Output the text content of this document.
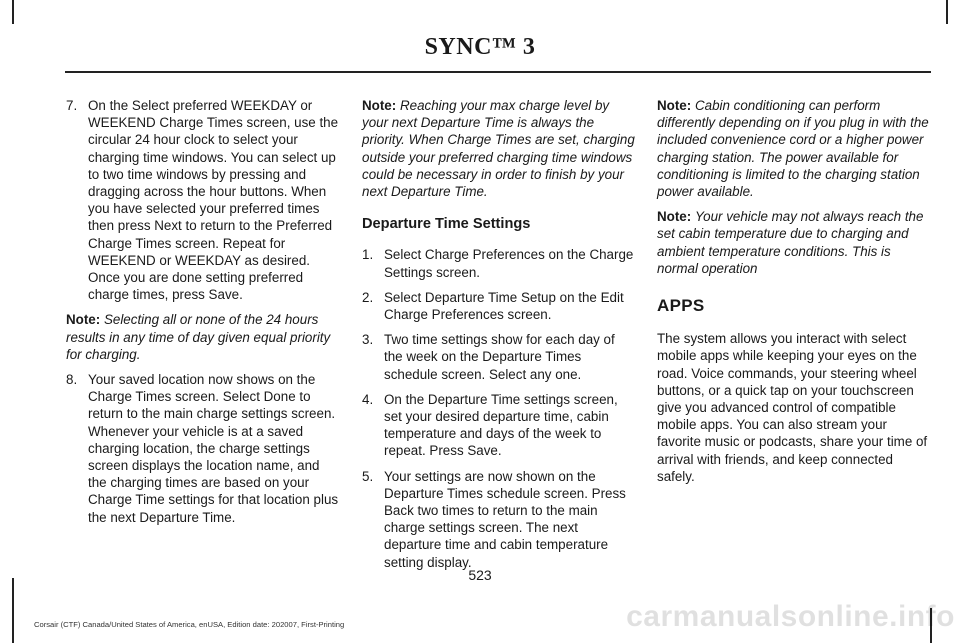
SYNC™ 3
7. On the Select preferred WEEKDAY or WEEKEND Charge Times screen, use the circular 24 hour clock to select your charging time windows. You can select up to two time windows by pressing and dragging across the hour buttons. When you have selected your preferred times then press Next to return to the Preferred Charge Times screen. Repeat for WEEKEND or WEEKDAY as desired. Once you are done setting preferred charge times, press Save.
Note: Selecting all or none of the 24 hours results in any time of day given equal priority for charging.
8. Your saved location now shows on the Charge Times screen. Select Done to return to the main charge settings screen. Whenever your vehicle is at a saved charging location, the charge settings screen displays the location name, and the charging times are based on your Charge Time settings for that location plus the next Departure Time.
Note: Reaching your max charge level by your next Departure Time is always the priority. When Charge Times are set, charging outside your preferred charging time windows could be necessary in order to finish by your next Departure Time.
Departure Time Settings
1. Select Charge Preferences on the Charge Settings screen.
2. Select Departure Time Setup on the Edit Charge Preferences screen.
3. Two time settings show for each day of the week on the Departure Times schedule screen. Select any one.
4. On the Departure Time settings screen, set your desired departure time, cabin temperature and days of the week to repeat. Press Save.
5. Your settings are now shown on the Departure Times schedule screen. Press Back two times to return to the main charge settings screen. The next departure time and cabin temperature setting display.
Note: Cabin conditioning can perform differently depending on if you plug in with the included convenience cord or a higher power charging station. The power available for conditioning is limited to the charging station power available.
Note: Your vehicle may not always reach the set cabin temperature due to charging and ambient temperature conditions. This is normal operation
APPS
The system allows you interact with select mobile apps while keeping your eyes on the road. Voice commands, your steering wheel buttons, or a quick tap on your touchscreen give you advanced control of compatible mobile apps. You can also stream your favorite music or podcasts, share your time of arrival with friends, and keep connected safely.
523
Corsair (CTF) Canada/United States of America, enUSA, Edition date: 202007, First-Printing	carmanualsonline.info
